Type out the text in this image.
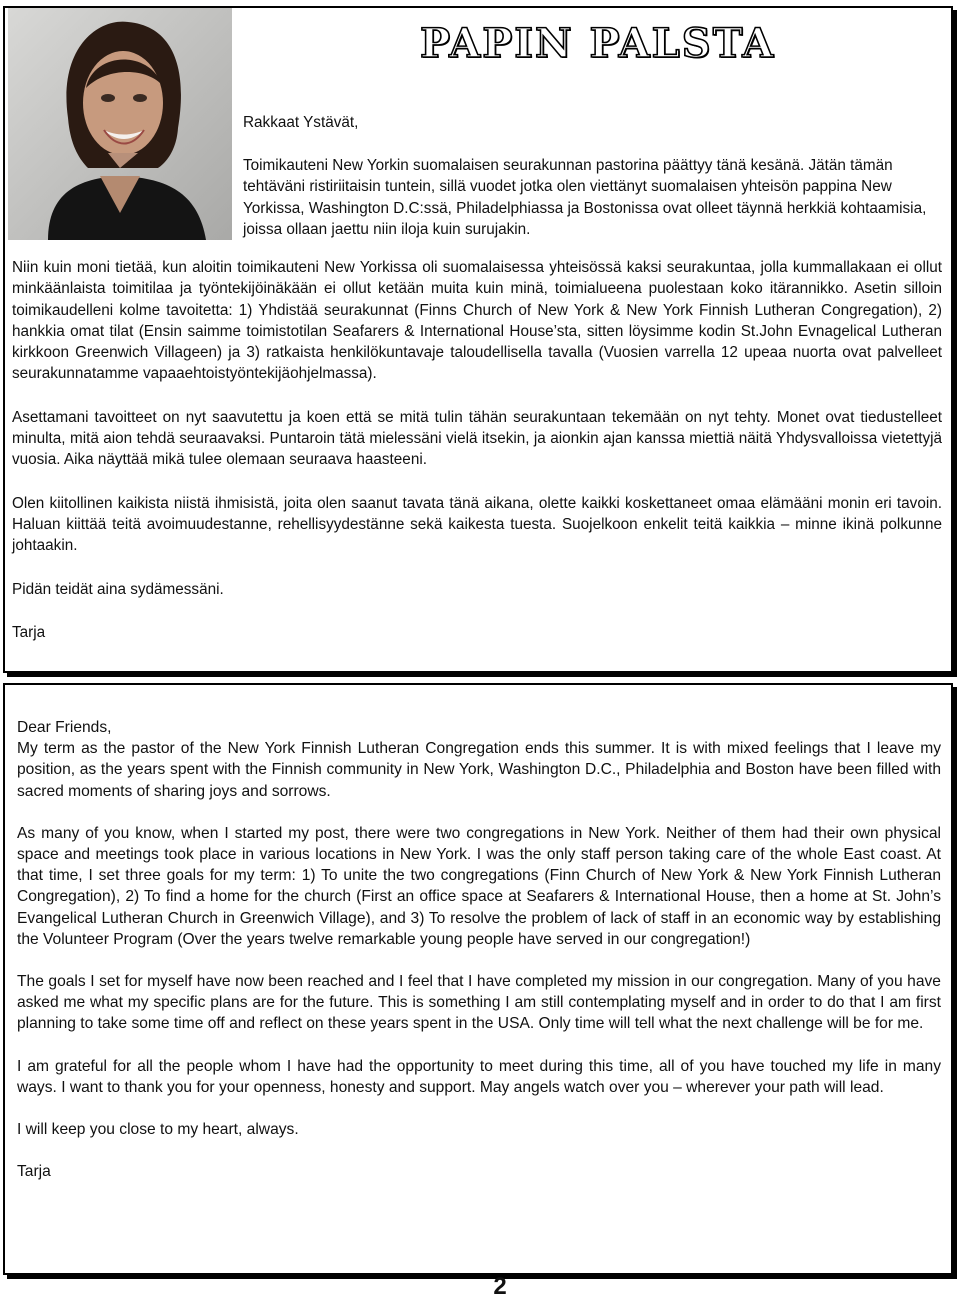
PAPIN PALSTA
Rakkaat Ystävät,
Toimikauteni New Yorkin suomalaisen seurakunnan pastorina päättyy tänä kesänä. Jätän tämän tehtäväni ristiriitaisin tuntein, sillä vuodet jotka olen viettänyt suomalaisen yhteisön pappina New Yorkissa, Washington D.C:ssä, Philadelphiassa ja Bostonissa ovat olleet täynnä herkkiä kohtaamisia, joissa ollaan jaettu niin iloja kuin surujakin.

Niin kuin moni tietää, kun aloitin toimikauteni New Yorkissa oli suomalaisessa yhteisössä kaksi seurakuntaa, jolla kummallakaan ei ollut minkäänlaista toimitilaa ja työntekijöinäkään ei ollut ketään muita kuin minä, toimialueena puolestaan koko itärannikko. Asetin silloin toimikaudelleni kolme tavoitetta: 1) Yhdistää seurakunnat (Finns Church of New York & New York Finnish Lutheran Congregation), 2) hankkia omat tilat (Ensin saimme toimistotilan Seafarers & International House’sta, sitten löysimme kodin St.John Evnagelical Lutheran kirkkoon Greenwich Villageen) ja 3) ratkaista henkilökuntavaje taloudellisella tavalla (Vuosien varrella 12 upeaa nuorta ovat palvelleet seurakunnatamme vapaaehtoistyöntekijäohjelmassa).

Asettamani tavoitteet on nyt saavutettu ja koen että se mitä tulin tähän seurakuntaan tekemään on nyt tehty. Monet ovat tiedustelleet minulta, mitä aion tehdä seuraavaksi. Puntaroin tätä mielessäni vielä itsekin, ja aionkin ajan kanssa miettiä näitä Yhdysvalloissa vietettyjä vuosia. Aika näyttää mikä tulee olemaan seuraava haasteeni.

Olen kiitollinen kaikista niistä ihmisistä, joita olen saanut tavata tänä aikana, olette kaikki koskettaneet omaa elämääni monin eri tavoin. Haluan kiittää teitä avoimuudestanne, rehellisyydestänne sekä kaikesta tuesta. Suojelkoon enkelit teitä kaikkia – minne ikinä polkunne johtaakin.

Pidän teidät aina sydämessäni.

Tarja

Dear Friends,

My term as the pastor of the New York Finnish Lutheran Congregation ends this summer. It is with mixed feelings that I leave my position, as the years spent with the Finnish community in New York, Washington D.C., Philadelphia and Boston have been filled with sacred moments of sharing joys and sorrows.

As many of you know, when I started my post, there were two congregations in New York. Neither of them had their own physical space and meetings took place in various locations in New York. I was the only staff person taking care of the whole East coast. At that time, I set three goals for my term: 1) To unite the two congregations (Finn Church of New York & New York Finnish Lutheran Congregation), 2) To find a home for the church (First an office space at Seafarers & International House, then a home at St. John’s Evangelical Lutheran Church in Greenwich Village), and 3) To resolve the problem of lack of staff in an economic way by establishing the Volunteer Program (Over the years twelve remarkable young people have served in our congregation!)

The goals I set for myself have now been reached and I feel that I have completed my mission in our congregation. Many of you have asked me what my specific plans are for the future. This is something I am still contemplating myself and in order to do that I am first planning to take some time off and reflect on these years spent in the USA. Only time will tell what the next challenge will be for me.

I am grateful for all the people whom I have had the opportunity to meet during this time, all of you have touched my life in many ways. I want to thank you for your openness, honesty and support. May angels watch over you – wherever your path will lead.

I will keep you close to my heart, always.

Tarja

2
